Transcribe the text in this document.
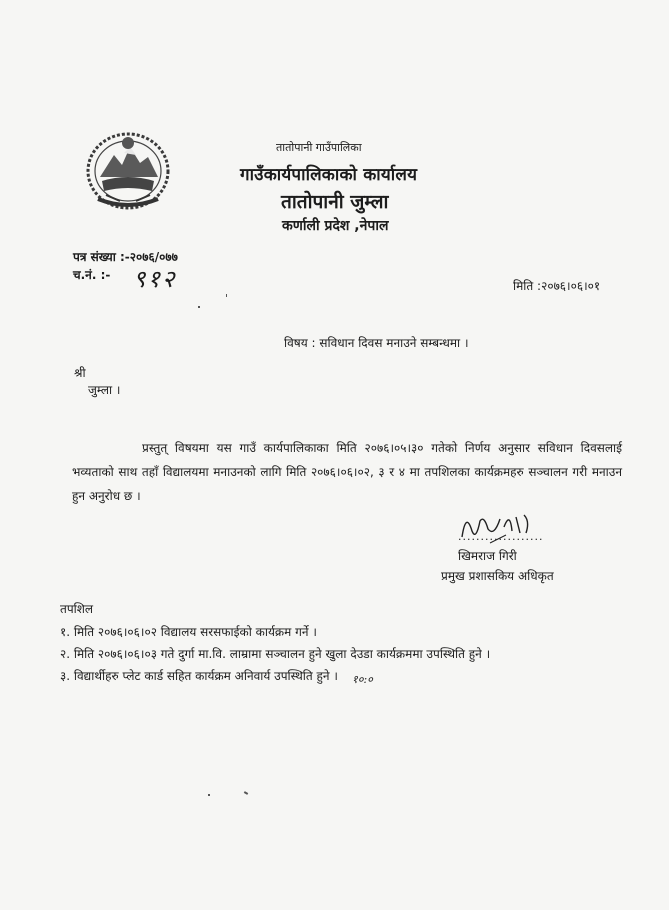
तातोपानी गाउँपालिका
गाउँकार्यपालिकाको कार्यालय
तातोपानी जुम्ला
कर्णाली प्रदेश ,नेपाल
पत्र संख्या :-२०७६/०७७
च.नं. :- ९१२	मिति :२०७६।०६।०१
विषय : सविधान दिवस मनाउने सम्बन्धमा ।
श्री
जुम्ला ।
प्रस्तुत् विषयमा यस गाउँ कार्यपालिकाका मिति २०७६।०५।३० गतेको निर्णय अनुसार सविधान दिवसलाई भव्यताको साथ तहाँ विद्यालयमा मनाउनको लागि मिति २०७६।०६।०२, ३ र ४ मा तपशिलका कार्यक्रमहरु सञ्चालन गरी मनाउन हुन अनुरोध छ ।
...................
खिमराज गिरी
प्रमुख प्रशासकिय अधिकृत
तपशिल
१. मिति २०७६।०६।०२ विद्यालय सरसफाईको कार्यक्रम गर्ने ।
२. मिति २०७६।०६।०३ गते दुर्गा मा.वि. लाम्रामा सञ्चालन हुने खुला देउडा कार्यक्रममा उपस्थिति हुने ।
३. विद्यार्थीहरु प्लेट कार्ड सहित कार्यक्रम अनिवार्य उपस्थिति हुने ।	१०:०
